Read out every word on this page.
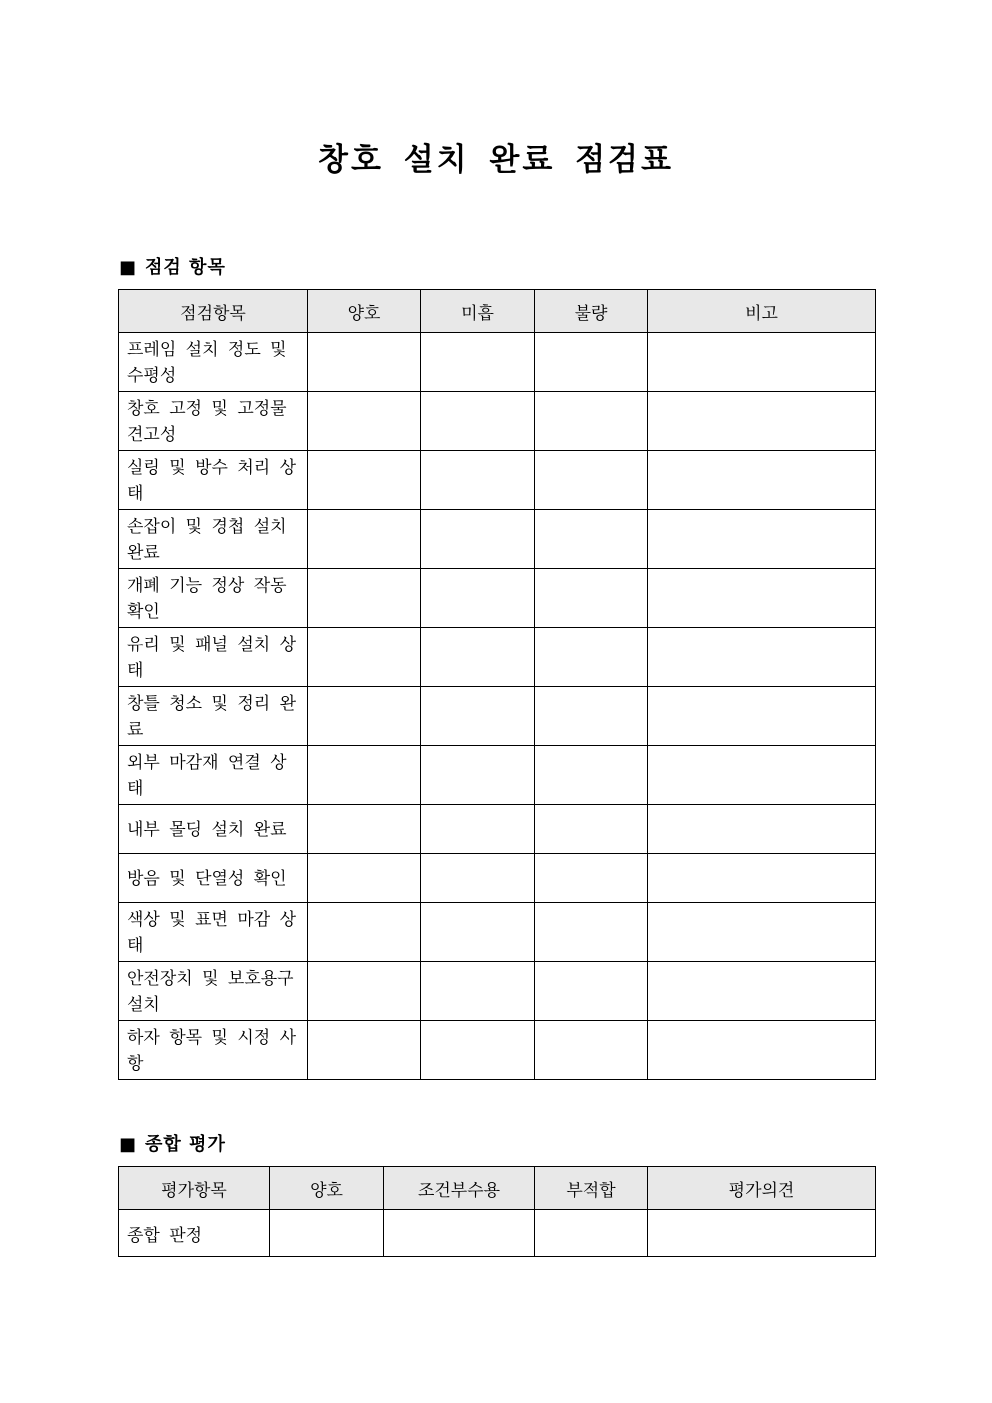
창호 설치 완료 점검표
■ 점검 항목
점검항목	양호	미흡	불량	비고
프레임 설치 정도 및 수평성				
창호 고정 및 고정물 견고성				
실링 및 방수 처리 상태				
손잡이 및 경첩 설치 완료				
개폐 기능 정상 작동 확인				
유리 및 패널 설치 상태				
창틀 청소 및 정리 완료				
외부 마감재 연결 상태				
내부 몰딩 설치 완료				
방음 및 단열성 확인				
색상 및 표면 마감 상태				
안전장치 및 보호용구 설치				
하자 항목 및 시정 사항				
■ 종합 평가
평가항목	양호	조건부수용	부적합	평가의견
종합 판정				
